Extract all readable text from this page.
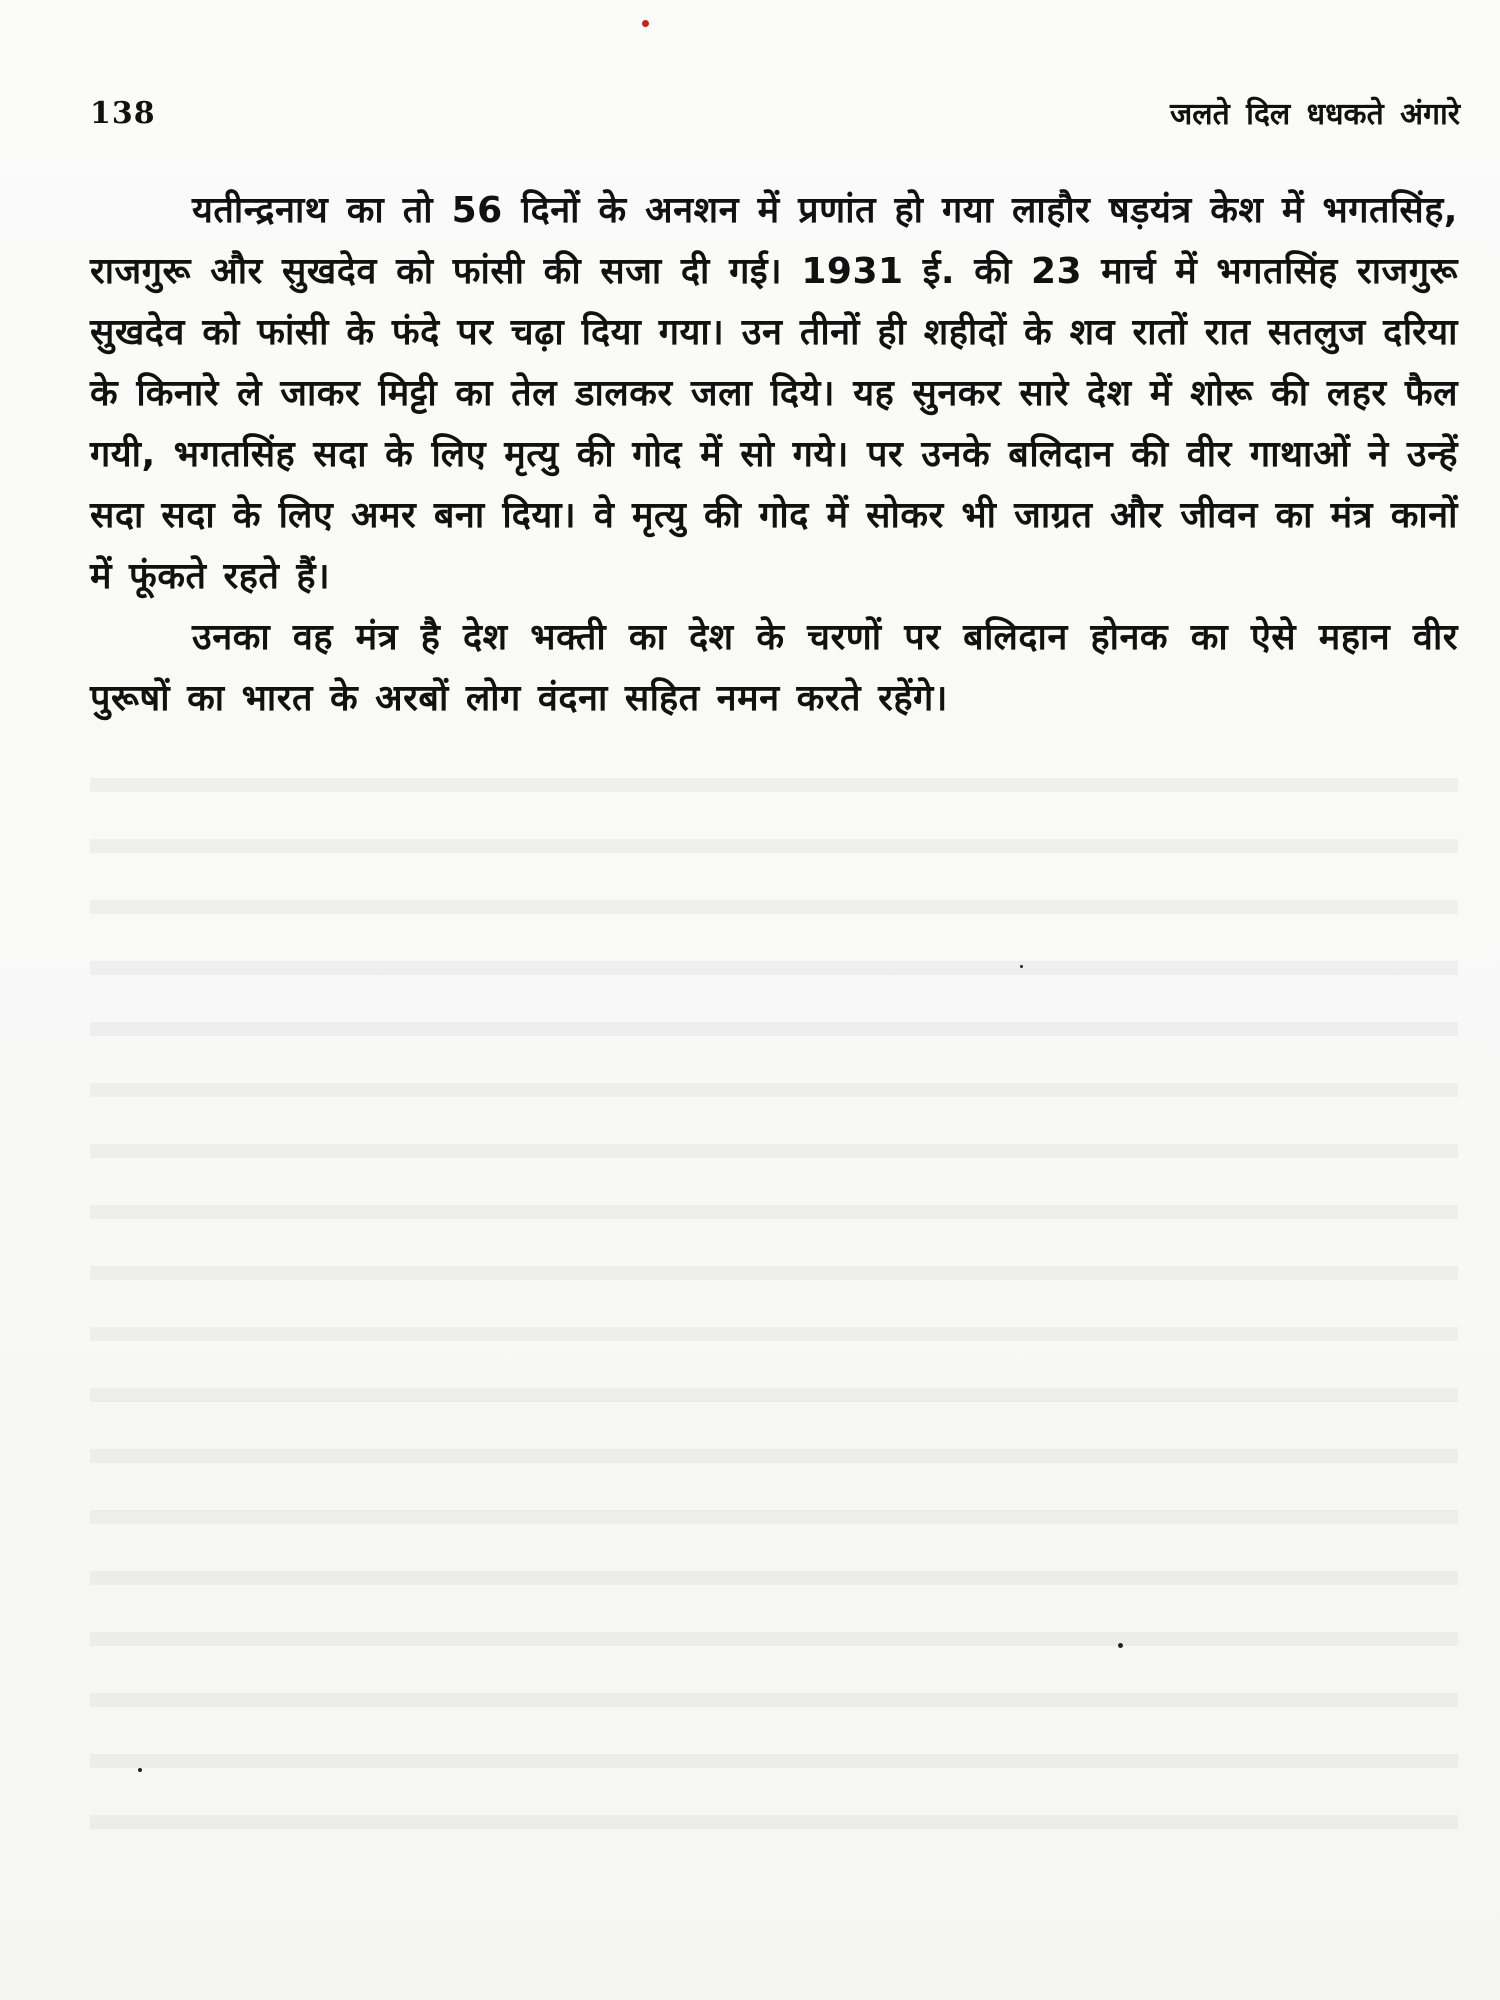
138	जलते दिल धधकते अंगारे

यतीन्द्रनाथ का तो 56 दिनों के अनशन में प्रणांत हो गया लाहौर षड़यंत्र केश में भगतसिंह, राजगुरू और सुखदेव को फांसी की सजा दी गई। 1931 ई. की 23 मार्च में भगतसिंह राजगुरू सुखदेव को फांसी के फंदे पर चढ़ा दिया गया। उन तीनों ही शहीदों के शव रातों रात सतलुज दरिया के किनारे ले जाकर मिट्टी का तेल डालकर जला दिये। यह सुनकर सारे देश में शोरू की लहर फैल गयी, भगतसिंह सदा के लिए मृत्यु की गोद में सो गये। पर उनके बलिदान की वीर गाथाओं ने उन्हें सदा सदा के लिए अमर बना दिया। वे मृत्यु की गोद में सोकर भी जाग्रत और जीवन का मंत्र कानों में फूंकते रहते हैं।

उनका वह मंत्र है देश भक्ती का देश के चरणों पर बलिदान होनक का ऐसे महान वीर पुरूषों का भारत के अरबों लोग वंदना सहित नमन करते रहेंगे।
